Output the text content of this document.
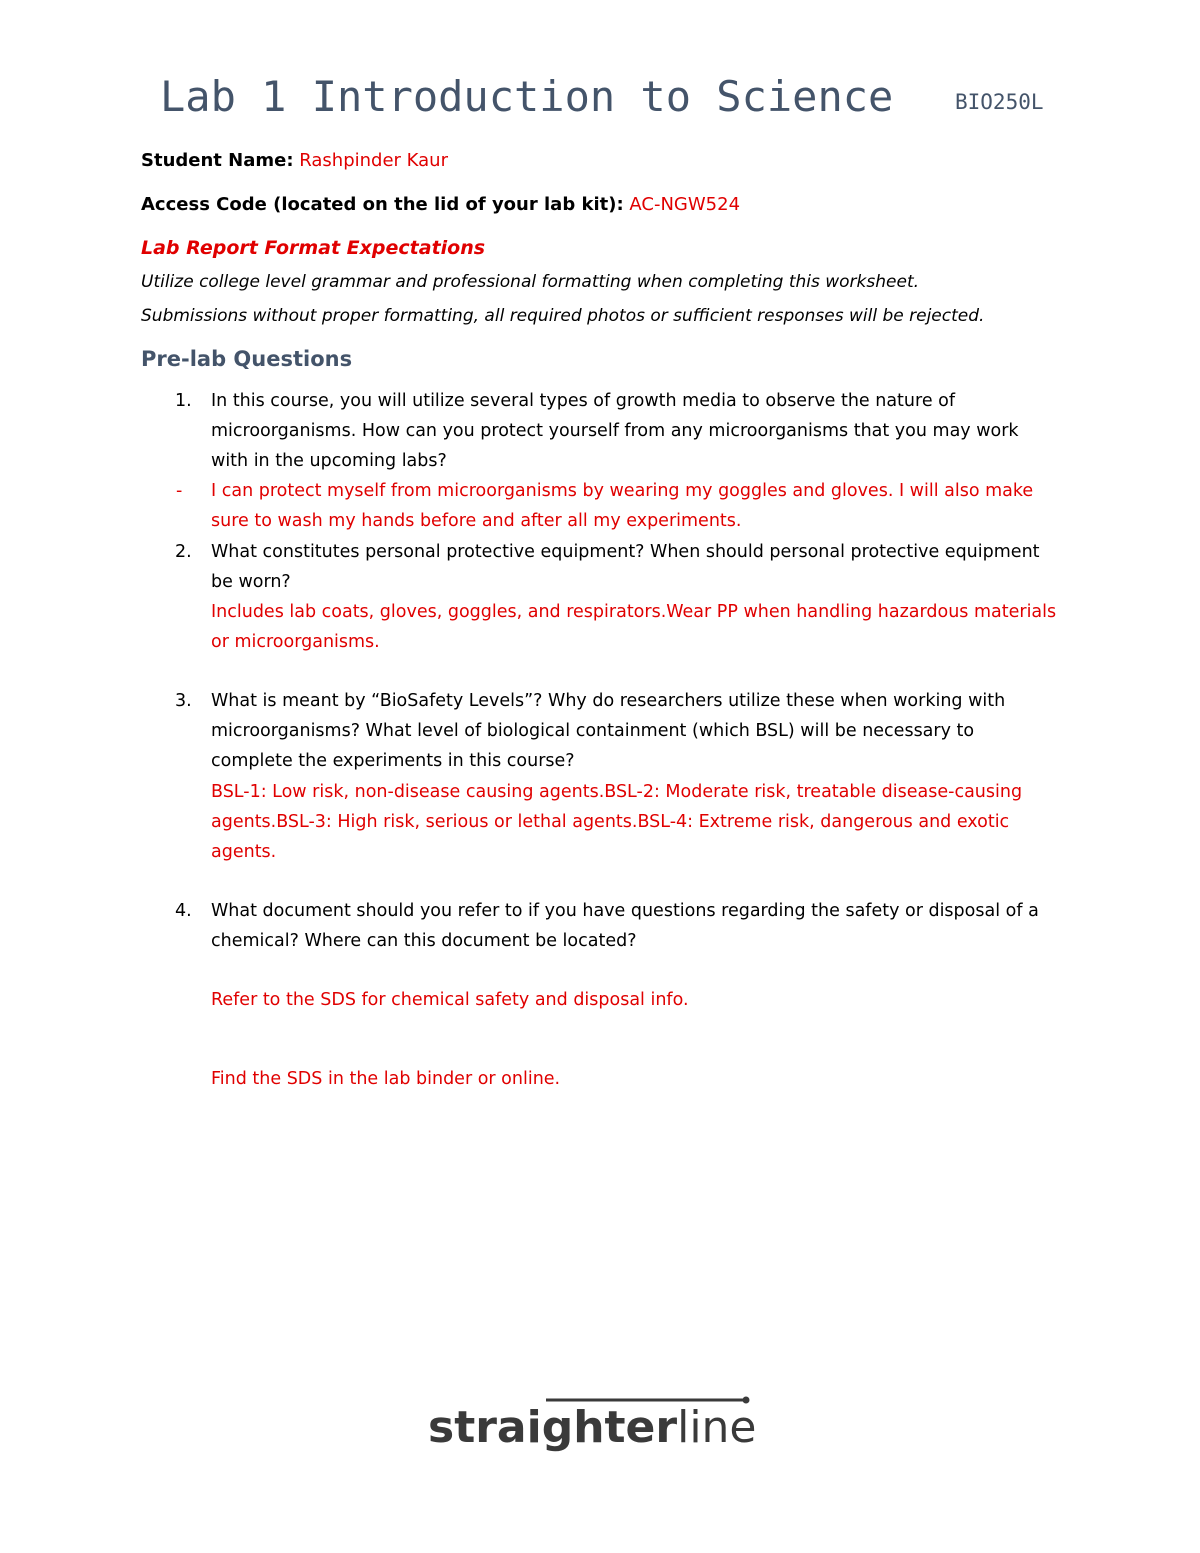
Lab 1 Introduction to Science	BIO250L
Student Name: Rashpinder Kaur
Access Code (located on the lid of your lab kit): AC-NGW524
Lab Report Format Expectations
Utilize college level grammar and professional formatting when completing this worksheet.
Submissions without proper formatting, all required photos or sufficient responses will be rejected.
Pre-lab Questions
1. In this course, you will utilize several types of growth media to observe the nature of
microorganisms. How can you protect yourself from any microorganisms that you may work
with in the upcoming labs?
- I can protect myself from microorganisms by wearing my goggles and gloves. I will also make
sure to wash my hands before and after all my experiments.
2. What constitutes personal protective equipment? When should personal protective equipment
be worn?
Includes lab coats, gloves, goggles, and respirators.Wear PP when handling hazardous materials
or microorganisms.
3. What is meant by “BioSafety Levels”? Why do researchers utilize these when working with
microorganisms? What level of biological containment (which BSL) will be necessary to
complete the experiments in this course?
BSL-1: Low risk, non-disease causing agents.BSL-2: Moderate risk, treatable disease-causing
agents.BSL-3: High risk, serious or lethal agents.BSL-4: Extreme risk, dangerous and exotic
agents.
4. What document should you refer to if you have questions regarding the safety or disposal of a
chemical? Where can this document be located?
Refer to the SDS for chemical safety and disposal info.
Find the SDS in the lab binder or online.
straighterline
